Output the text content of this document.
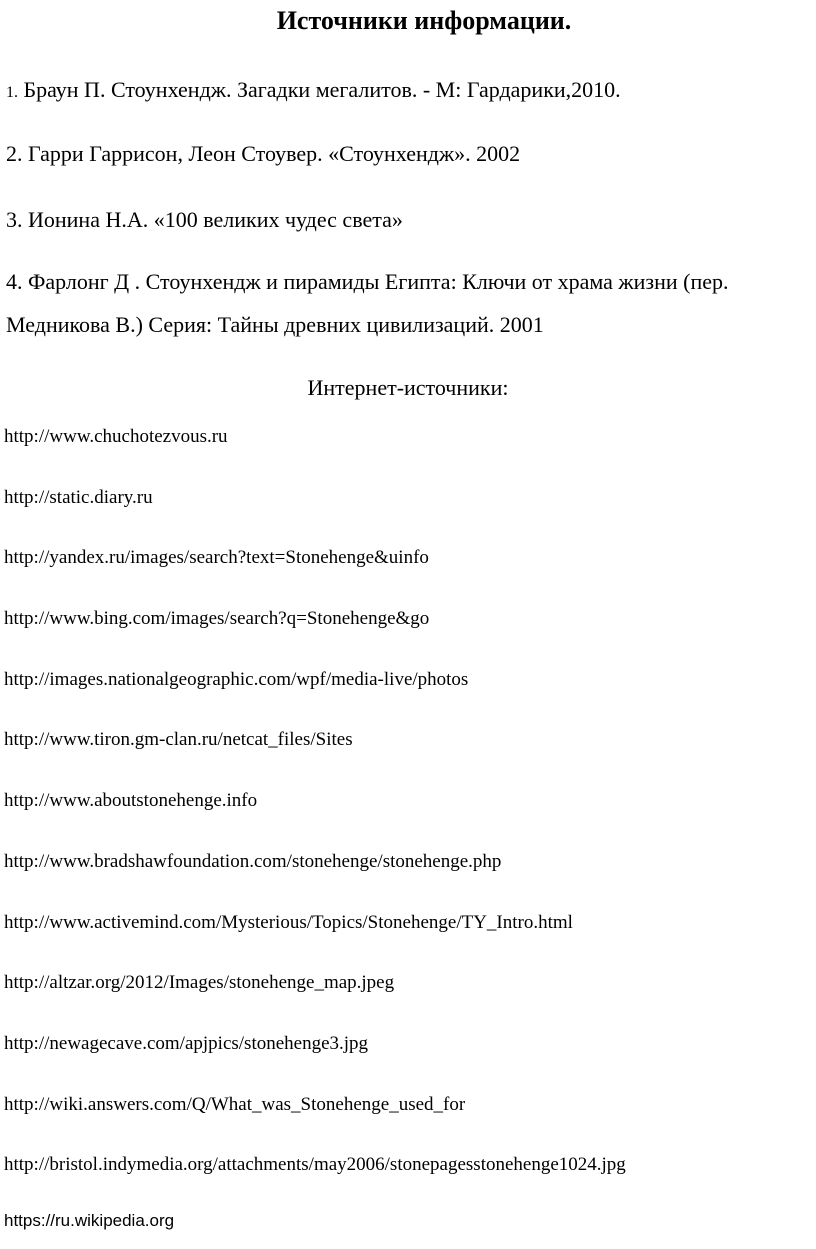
Источники информации.
1. Браун П. Стоунхендж. Загадки мегалитов. - М: Гардарики,2010.
2. Гарри Гаррисон, Леон Стоувер. «Стоунхендж». 2002
3. Ионина Н.А. «100 великих чудес света»
4. Фарлонг Д . Стоунхендж и пирамиды Египта: Ключи от храма жизни (пер.
Медникова В.) Серия: Тайны древних цивилизаций. 2001
Интернет-источники:
http://www.chuchotezvous.ru
http://static.diary.ru
http://yandex.ru/images/search?text=Stonehenge&uinfo
http://www.bing.com/images/search?q=Stonehenge&go
http://images.nationalgeographic.com/wpf/media-live/photos
http://www.tiron.gm-clan.ru/netcat_files/Sites
http://www.aboutstonehenge.info
http://www.bradshawfoundation.com/stonehenge/stonehenge.php
http://www.activemind.com/Mysterious/Topics/Stonehenge/TY_Intro.html
http://altzar.org/2012/Images/stonehenge_map.jpeg
http://newagecave.com/apjpics/stonehenge3.jpg
http://wiki.answers.com/Q/What_was_Stonehenge_used_for
http://bristol.indymedia.org/attachments/may2006/stonepagesstonehenge1024.jpg
https://ru.wikipedia.org
